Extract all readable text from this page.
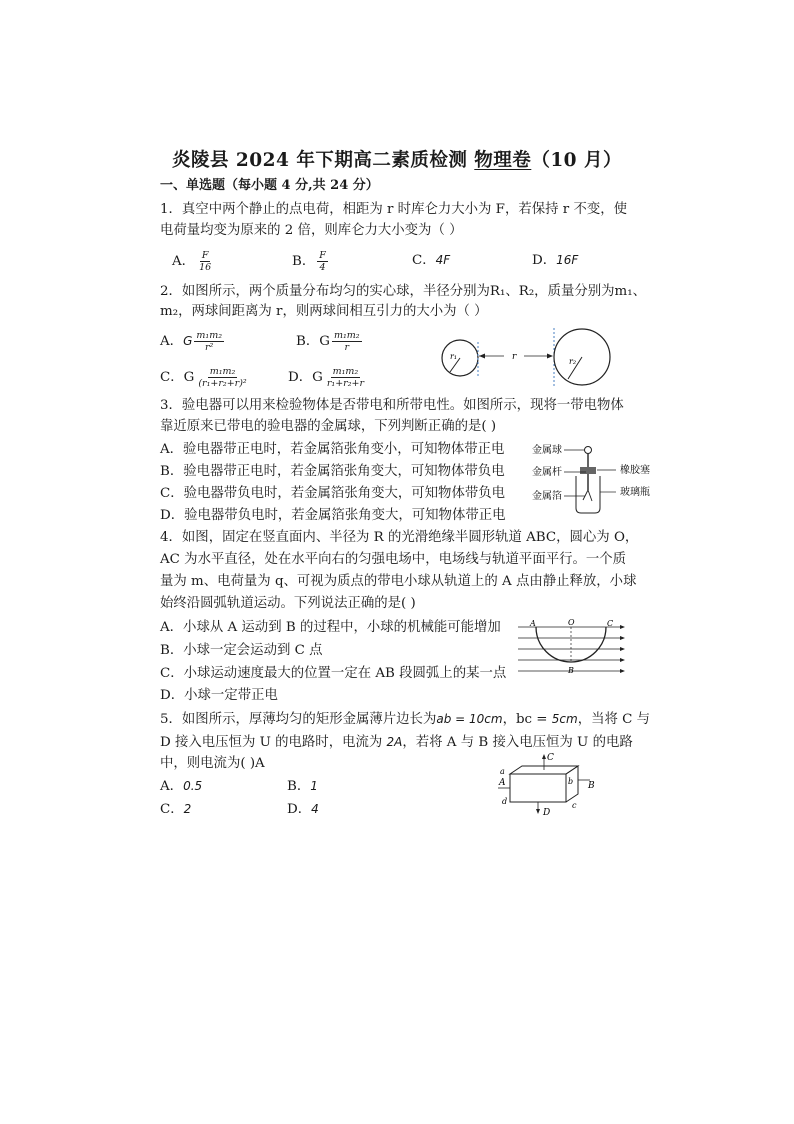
炎陵县 2024 年下期高二素质检测 物理卷（10 月）
一、单选题（每小题 4 分,共 24 分）
1．真空中两个静止的点电荷，相距为 r 时库仑力大小为 F，若保持 r 不变，使
电荷量均变为原来的 2 倍，则库仑力大小变为（ ）
A． $\frac{F}{16}$	B． $\frac{F}{4}$	C．4F	D．16F
2．如图所示，两个质量分布均匀的实心球，半径分别为R₁、R₂，质量分别为m₁、
m₂，两球间距离为 r，则两球间相互引力的大小为（ ）
A．G $\frac{\text{m₁m₂}}{\text{r²}}$	B．G $\frac{\text{m₁m₂}}{r}$
C．G $\frac{\text{m₁m₂}}{\text{(r₁+r₂+r)²}}$	D．G $\frac{\text{m₁m₂}}{\text{r₁+r₂+r}}$
r₁	r	r₂
3．验电器可以用来检验物体是否带电和所带电性。如图所示，现将一带电物体
靠近原来已带电的验电器的金属球，下列判断正确的是( )
A．验电器带正电时，若金属箔张角变小，可知物体带正电
B．验电器带正电时，若金属箔张角变大，可知物体带负电
C．验电器带负电时，若金属箔张角变大，可知物体带负电
D．验电器带负电时，若金属箔张角变大，可知物体带正电
金属球
金属杆
金属箔
橡胶塞
玻璃瓶
4．如图，固定在竖直面内、半径为 R 的光滑绝缘半圆形轨道 ABC，圆心为 O，
AC 为水平直径，处在水平向右的匀强电场中，电场线与轨道平面平行。一个质
量为 m、电荷量为 q、可视为质点的带电小球从轨道上的 A 点由静止释放，小球
始终沿圆弧轨道运动。下列说法正确的是( )
A．小球从 A 运动到 B 的过程中，小球的机械能可能增加
B．小球一定会运动到 C 点
C．小球运动速度最大的位置一定在 AB 段圆弧上的某一点
D．小球一定带正电
A	O	C
B
5．如图所示，厚薄均匀的矩形金属薄片边长为ab = 10cm，bc = 5cm，当将 C 与
D 接入电压恒为 U 的电路时，电流为 2A，若将 A 与 B 接入电压恒为 U 的电路
中，则电流为( )A
A．0.5	B．1
C．2	D．4
C
D
A	B
a
b
c
d
